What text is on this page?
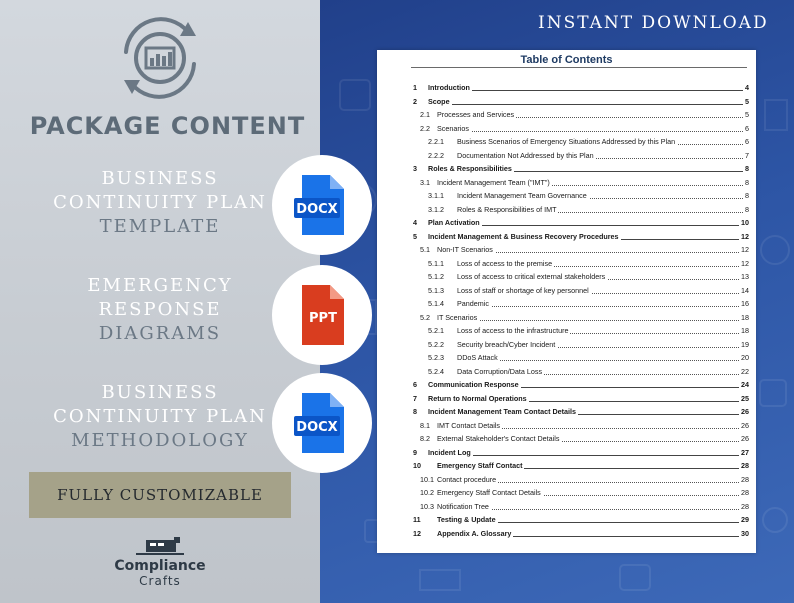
PACKAGE CONTENT
BUSINESS
CONTINUITY PLAN
TEMPLATE
EMERGENCY
RESPONSE
DIAGRAMS
BUSINESS
CONTINUITY PLAN
METHODOLOGY
FULLY CUSTOMIZABLE
Compliance
Crafts
INSTANT DOWNLOAD
DOCX
PPT
DOCX
Table of Contents
1 Introduction	4
2 Scope	5
2.1 Processes and Services	5
2.2 Scenarios	6
2.2.1 Business Scenarios of Emergency Situations Addressed by this Plan	6
2.2.2 Documentation Not Addressed by this Plan	7
3 Roles & Responsibilities	8
3.1 Incident Management Team ("IMT")	8
3.1.1 Incident Management Team Governance	8
3.1.2 Roles & Responsibilities of IMT	8
4 Plan Activation	10
5 Incident Management & Business Recovery Procedures	12
5.1 Non-IT Scenarios	12
5.1.1 Loss of access to the premise	12
5.1.2 Loss of access to critical external stakeholders	13
5.1.3 Loss of staff or shortage of key personnel	14
5.1.4 Pandemic	16
5.2 IT Scenarios	18
5.2.1 Loss of access to the infrastructure	18
5.2.2 Security breach/Cyber Incident	19
5.2.3 DDoS Attack	20
5.2.4 Data Corruption/Data Loss	22
6 Communication Response	24
7 Return to Normal Operations	25
8 Incident Management Team Contact Details	26
8.1 IMT Contact Details	26
8.2 External Stakeholder's Contact Details	26
9 Incident Log	27
10 Emergency Staff Contact	28
10.1 Contact procedure	28
10.2 Emergency Staff Contact Details	28
10.3 Notification Tree	28
11 Testing & Update	29
12 Appendix A. Glossary	30
